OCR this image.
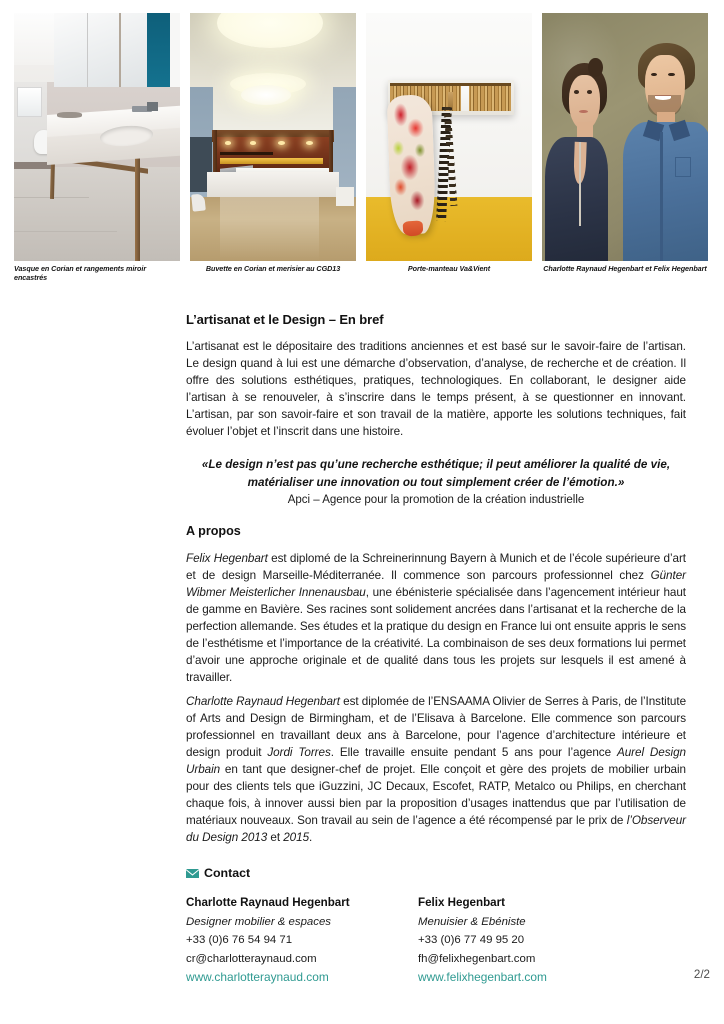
Vasque en Corian et rangements miroir encastrés
Buvette en Corian et merisier au CGD13	Porte-manteau Va&Vient	Charlotte Raynaud Hegenbart et Felix Hegenbart
L’artisanat et le Design – En bref

L’artisanat est le dépositaire des traditions anciennes et est basé sur le savoir-faire de l’artisan. Le design quand à lui est une démarche d’observation, d’analyse, de recherche et de création. Il offre des solutions esthétiques, pratiques, technologiques. En collaborant, le designer aide l’artisan à se renouveler, à s’inscrire dans le temps présent, à se questionner en innovant. L’artisan, par son savoir-faire et son travail de la matière, apporte les solutions techniques, fait évoluer l’objet et l’inscrit dans une histoire.

«Le design n’est pas qu’une recherche esthétique; il peut améliorer la qualité de vie, matérialiser une innovation ou tout simplement créer de l’émotion.»

Apci – Agence pour la promotion de la création industrielle

A propos

Felix Hegenbart est diplomé de la Schreinerinnung Bayern à Munich et de l’école supérieure d’art et de design Marseille-Méditerranée. Il commence son parcours professionnel chez Günter Wibmer Meisterlicher Innenausbau, une ébénisterie spécialisée dans l’agencement intérieur haut de gamme en Bavière. Ses racines sont solidement ancrées dans l’artisanat et la recherche de la perfection allemande. Ses études et la pratique du design en France lui ont ensuite appris le sens de l’esthétisme et l’importance de la créativité. La combinaison de ses deux formations lui permet d’avoir une approche originale et de qualité dans tous les projets sur lesquels il est amené à travailler.

Charlotte Raynaud Hegenbart est diplomée de l’ENSAAMA Olivier de Serres à Paris, de l’Institute of Arts and Design de Birmingham, et de l’Elisava à Barcelone. Elle commence son parcours professionnel en travaillant deux ans à Barcelone, pour l’agence d’architecture intérieure et design produit Jordi Torres. Elle travaille ensuite pendant 5 ans pour l’agence Aurel Design Urbain en tant que designer-chef de projet. Elle conçoit et gère des projets de mobilier urbain pour des clients tels que iGuzzini, JC Decaux, Escofet, RATP, Metalco ou Philips, en cherchant chaque fois, à innover aussi bien par la proposition d’usages inattendus que par l’utilisation de matériaux nouveaux. Son travail au sein de l’agence a été récompensé par le prix de l’Observeur du Design 2013 et 2015.

Contact
Charlotte Raynaud Hegenbart
Designer mobilier & espaces
+33 (0)6 76 54 94 71
cr@charlotteraynaud.com
www.charlotteraynaud.com
Felix Hegenbart
Menuisier & Ebéniste
+33 (0)6 77 49 95 20
fh@felixhegenbart.com
www.felixhegenbart.com	2/2
